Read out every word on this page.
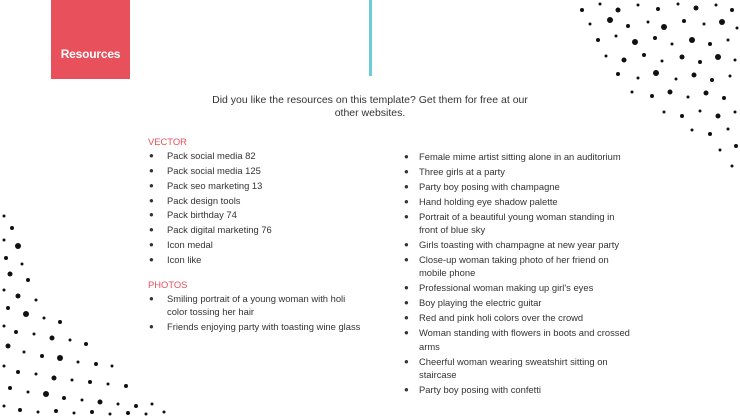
Resources
Did you like the resources on this template? Get them for free at our other websites.
VECTOR
● Pack social media 82
● Pack social media 125
● Pack seo marketing 13
● Pack design tools
● Pack birthday 74
● Pack digital marketing 76
● Icon medal
● Icon like
PHOTOS
● Smiling portrait of a young woman with holi color tossing her hair
● Friends enjoying party with toasting wine glass
● Female mime artist sitting alone in an auditorium
● Three girls at a party
● Party boy posing with champagne
● Hand holding eye shadow palette
● Portrait of a beautiful young woman standing in front of blue sky
● Girls toasting with champagne at new year party
● Close-up woman taking photo of her friend on mobile phone
● Professional woman making up girl's eyes
● Boy playing the electric guitar
● Red and pink holi colors over the crowd
● Woman standing with flowers in boots and crossed arms
● Cheerful woman wearing sweatshirt sitting on staircase
● Party boy posing with confetti
